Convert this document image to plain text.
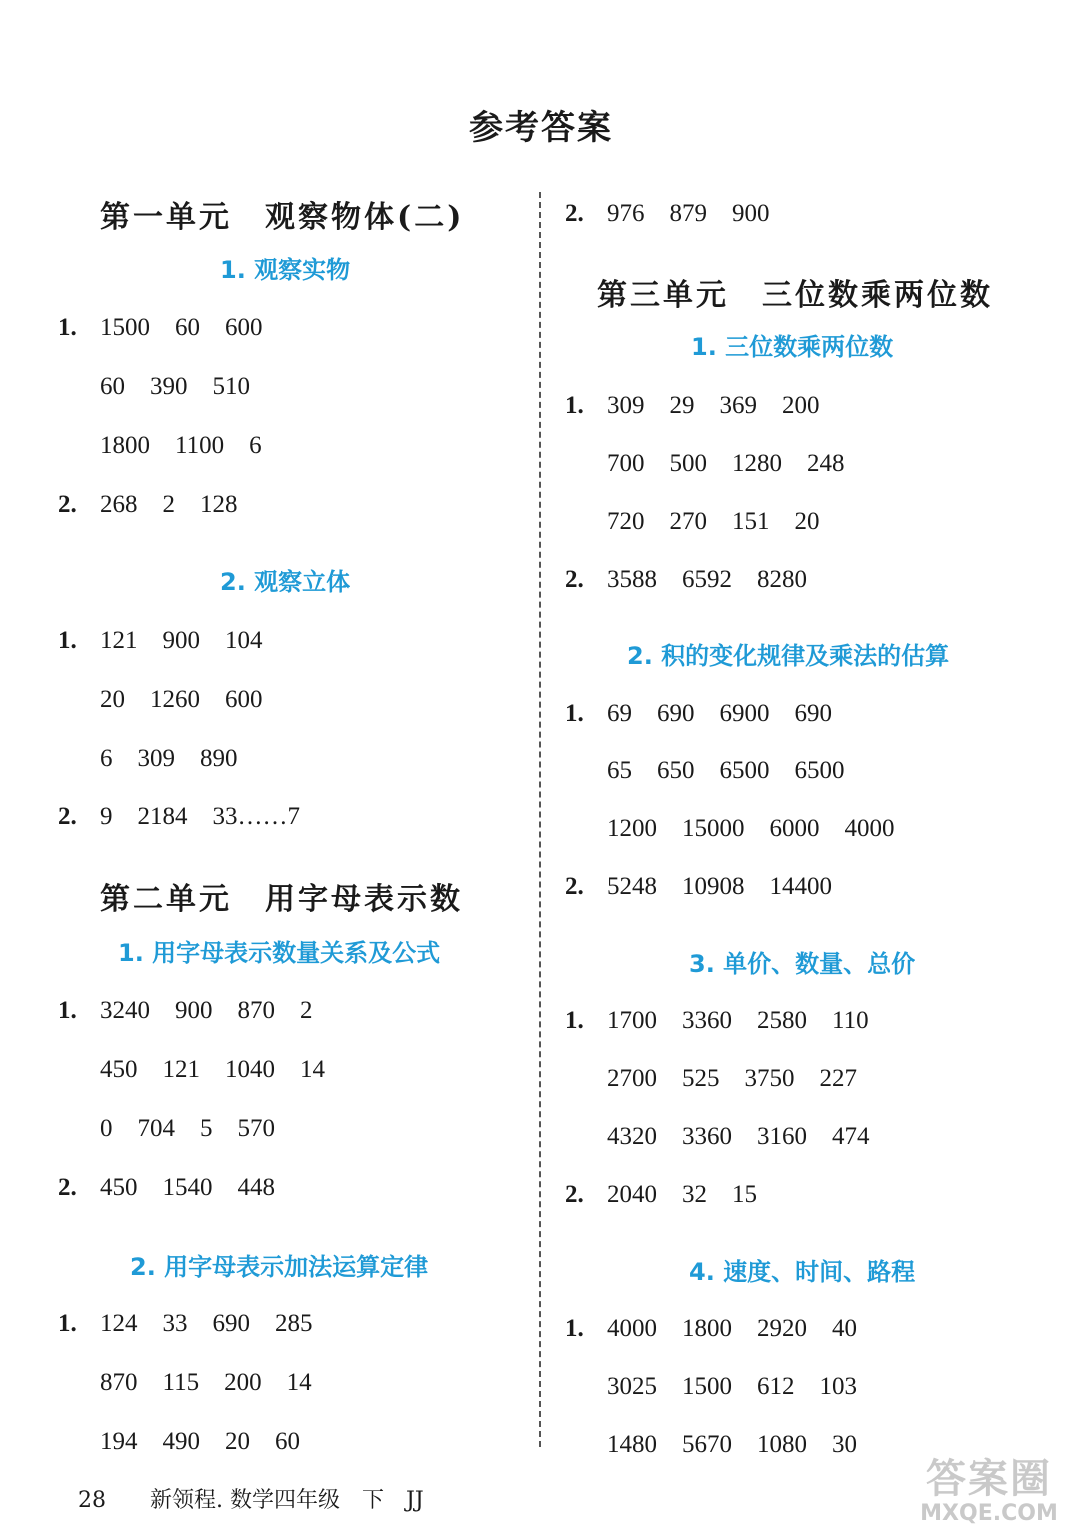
参考答案
第一单元　观察物体(二)
1. 观察实物
1. 1500　60　600
60　390　510
1800　1100　6
2. 268　2　128
2. 观察立体
1. 121　900　104
20　1260　600
6　309　890
2. 9　2184　33……7
第二单元　用字母表示数
1. 用字母表示数量关系及公式
1. 3240　900　870　2
450　121　1040　14
0　704　5　570
2. 450　1540　448
2. 用字母表示加法运算定律
1. 124　33　690　285
870　115　200　14
194　490　20　60
2. 976　879　900
第三单元　三位数乘两位数
1. 三位数乘两位数
1. 309　29　369　200
700　500　1280　248
720　270　151　20
2. 3588　6592　8280
2. 积的变化规律及乘法的估算
1. 69　690　6900　690
65　650　6500　6500
1200　15000　6000　4000
2. 5248　10908　14400
3. 单价、数量、总价
1. 1700　3360　2580　110
2700　525　3750　227
4320　3360　3160　474
2. 2040　32　15
4. 速度、时间、路程
1. 4000　1800　2920　40
3025　1500　612　103
1480　5670　1080　30

28　　 新领程. 数学四年级　下　JJ	答案圈
MXQE.COM
